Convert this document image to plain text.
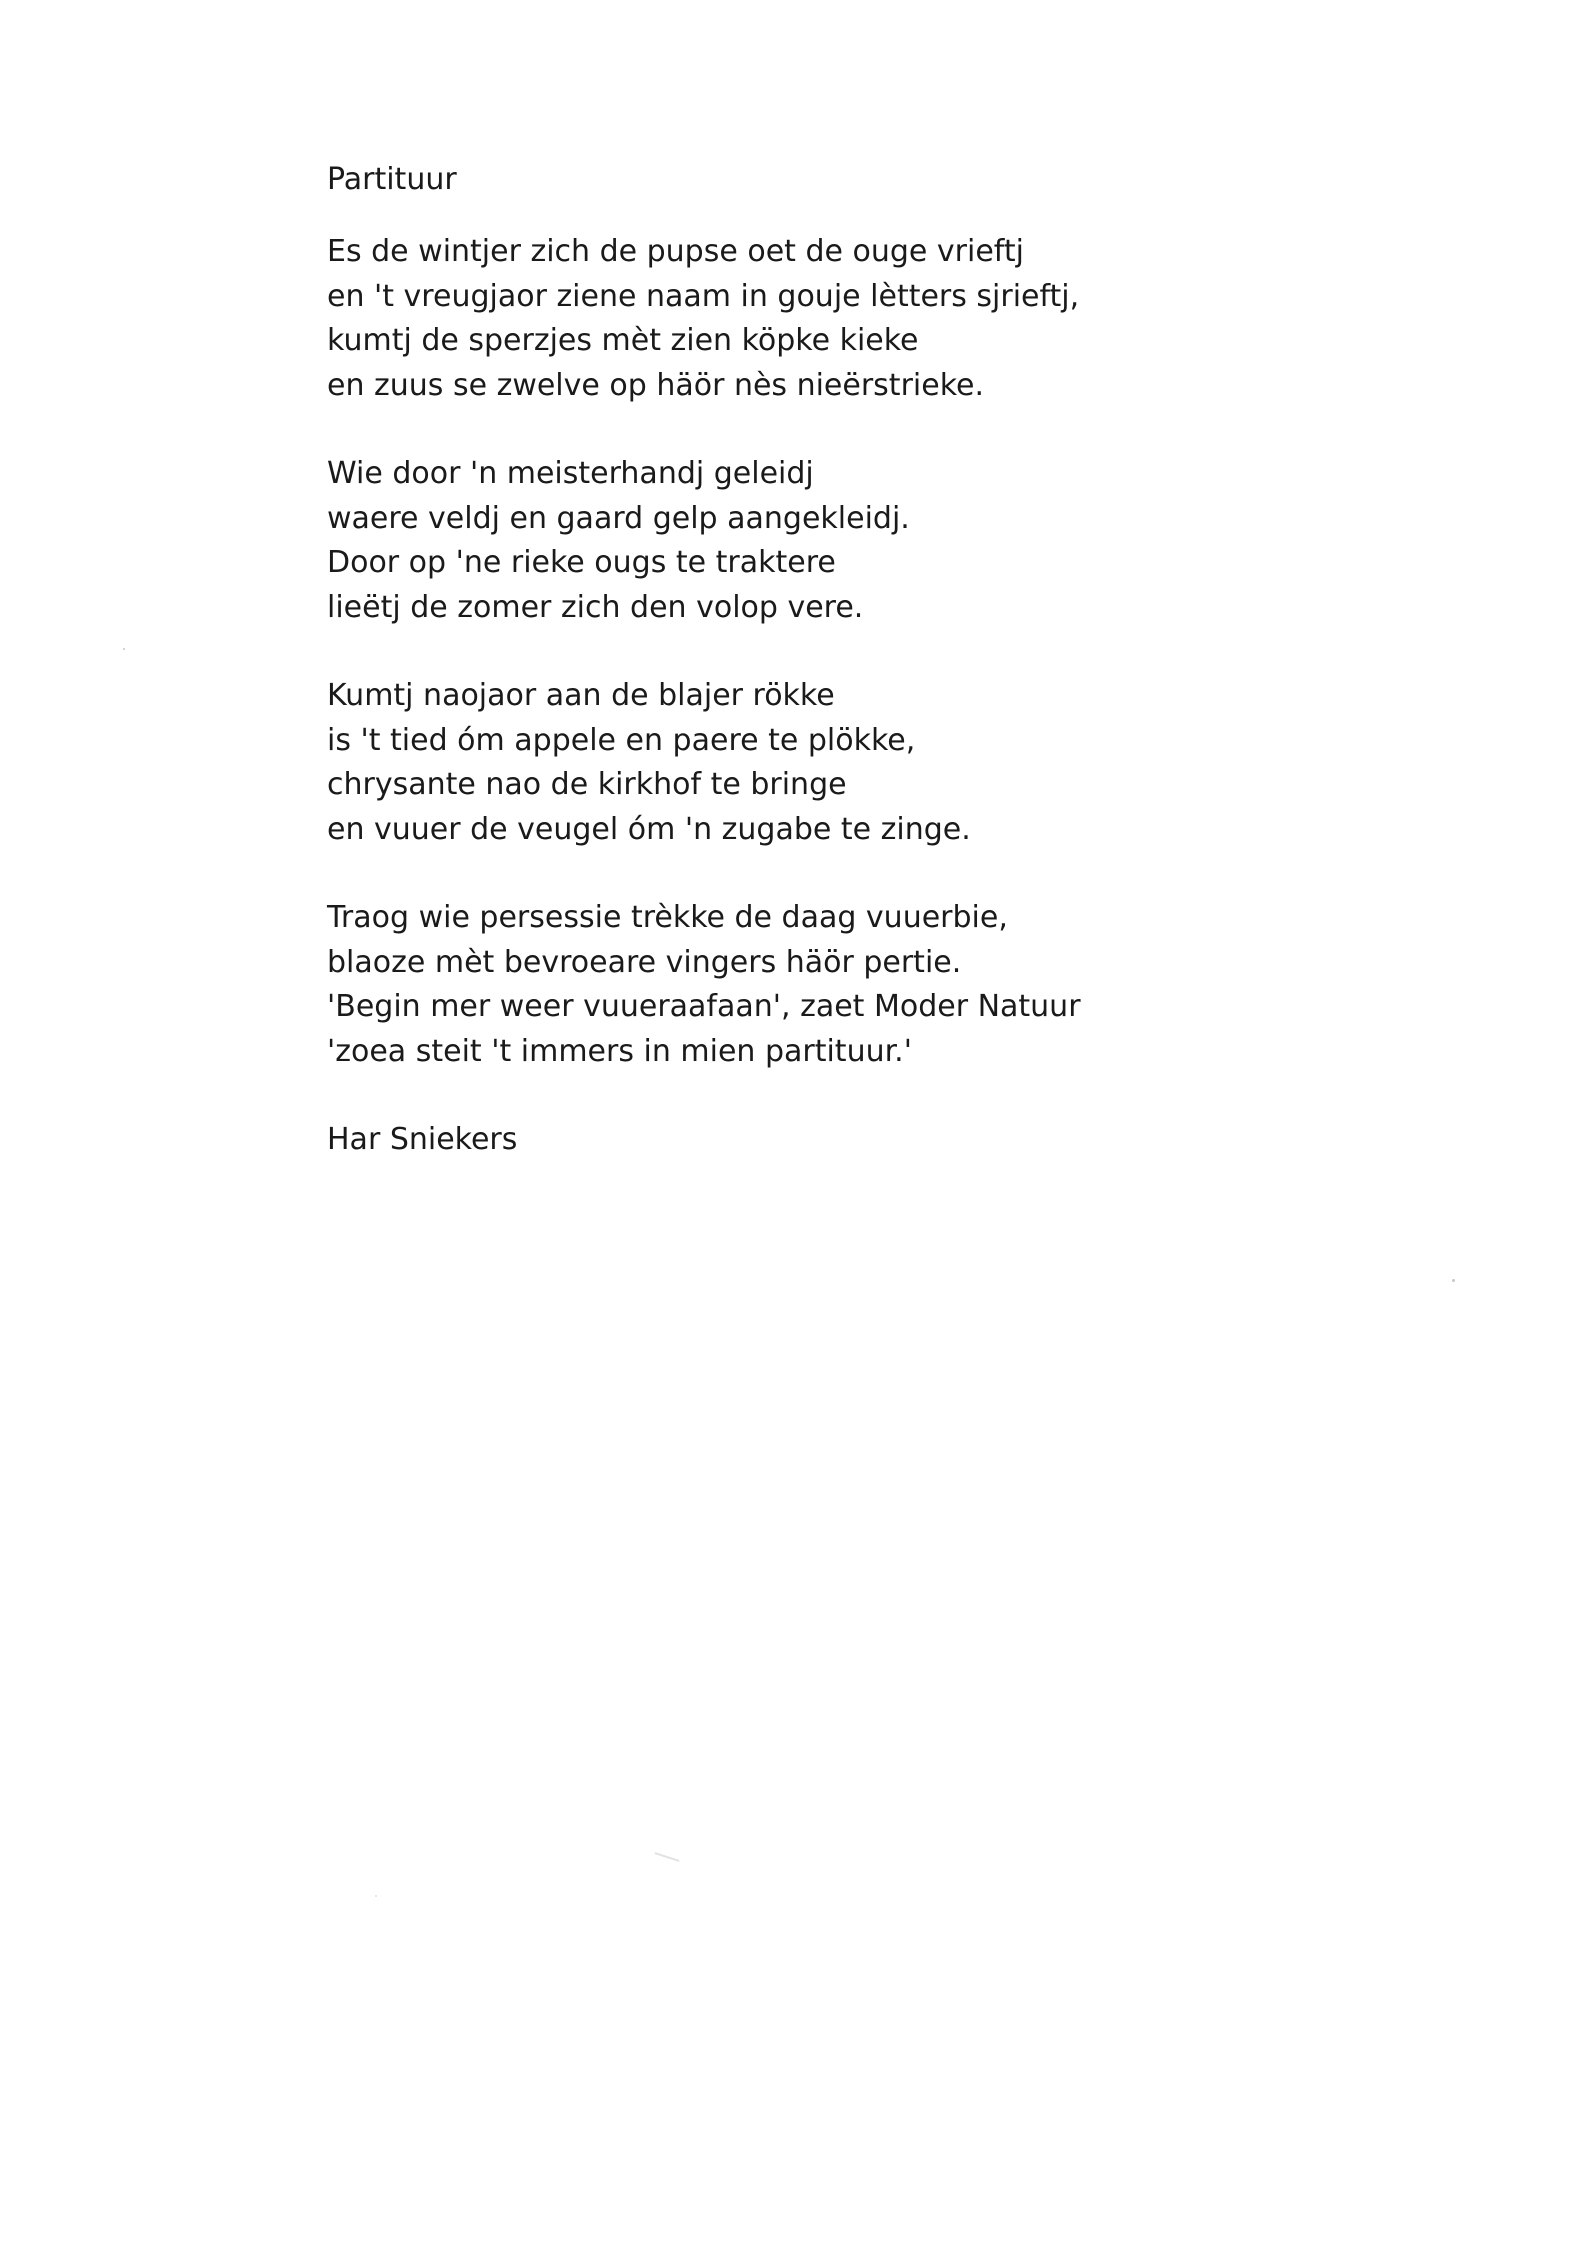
Partituur
Es de wintjer zich de pupse oet de ouge vrieftj
en 't vreugjaor ziene naam in gouje lètters sjrieftj,
kumtj de sperzjes mèt zien köpke kieke
en zuus se zwelve op häör nès nieërstrieke.
Wie door 'n meisterhandj geleidj
waere veldj en gaard gelp aangekleidj.
Door op 'ne rieke ougs te traktere
lieëtj de zomer zich den volop vere.
Kumtj naojaor aan de blajer rökke
is 't tied óm appele en paere te plökke,
chrysante nao de kirkhof te bringe
en vuuer de veugel óm 'n zugabe te zinge.
Traog wie persessie trèkke de daag vuuerbie,
blaoze mèt bevroeare vingers häör pertie.
'Begin mer weer vuueraafaan', zaet Moder Natuur
'zoea steit 't immers in mien partituur.'
Har Sniekers
